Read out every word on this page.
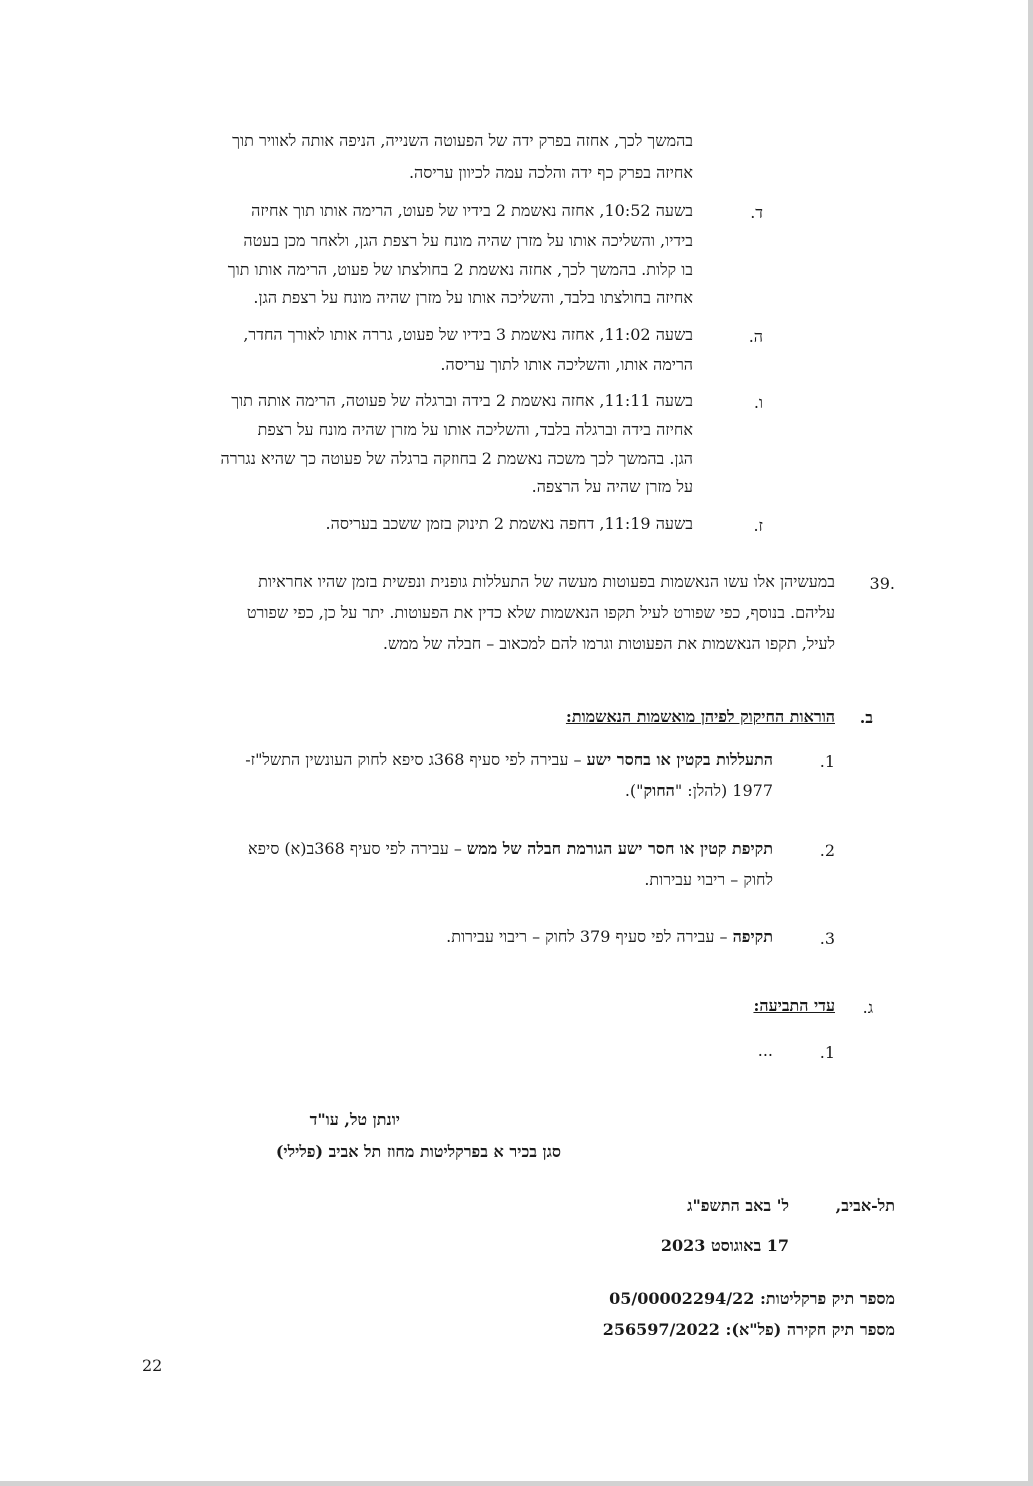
בהמשך לכך, אחזה בפרק ידה של הפעוטה השנייה, הניפה אותה לאוויר תוך
אחיזה בפרק כף ידה והלכה עמה לכיוון עריסה.
ד.
בשעה 10:52, אחזה נאשמת 2 בידיו של פעוט, הרימה אותו תוך אחיזה
בידיו, והשליכה אותו על מזרן שהיה מונח על רצפת הגן, ולאחר מכן בעטה
בו קלות. בהמשך לכך, אחזה נאשמת 2 בחולצתו של פעוט, הרימה אותו תוך
אחיזה בחולצתו בלבד, והשליכה אותו על מזרן שהיה מונח על רצפת הגן.
ה.
בשעה 11:02, אחזה נאשמת 3 בידיו של פעוט, גררה אותו לאורך החדר,
הרימה אותו, והשליכה אותו לתוך עריסה.
ו.
בשעה 11:11, אחזה נאשמת 2 בידה וברגלה של פעוטה, הרימה אותה תוך
אחיזה בידה וברגלה בלבד, והשליכה אותו על מזרן שהיה מונח על רצפת
הגן. בהמשך לכך משכה נאשמת 2 בחוזקה ברגלה של פעוטה כך שהיא נגררה
על מזרן שהיה על הרצפה.
ז.
בשעה 11:19, דחפה נאשמת 2 תינוק בזמן ששכב בעריסה.
39.
במעשיהן אלו עשו הנאשמות בפעוטות מעשה של התעללות גופנית ונפשית בזמן שהיו אחראיות
עליהם. בנוסף, כפי שפורט לעיל תקפו הנאשמות שלא כדין את הפעוטות. יתר על כן, כפי שפורט
לעיל, תקפו הנאשמות את הפעוטות וגרמו להם למכאוב – חבלה של ממש.
ב.
הוראות החיקוק לפיהן מואשמות הנאשמות:
.1
התעללות בקטין או בחסר ישע – עבירה לפי סעיף 368ג סיפא לחוק העונשין התשל"ז-
1977 (להלן: "החוק").
.2
תקיפת קטין או חסר ישע הגורמת חבלה של ממש – עבירה לפי סעיף 368ב(א) סיפא
לחוק – ריבוי עבירות.
.3
תקיפה – עבירה לפי סעיף 379 לחוק – ריבוי עבירות.
ג.
עדי התביעה:
.1
...
יונתן טל, עו"ד
סגן בכיר א בפרקליטות מחוז תל אביב (פלילי)
תל-אביב,
ל' באב התשפ"ג
17 באוגוסט 2023
מספר תיק פרקליטות: 05/00002294/22
מספר תיק חקירה (פל"א): 256597/2022
22
